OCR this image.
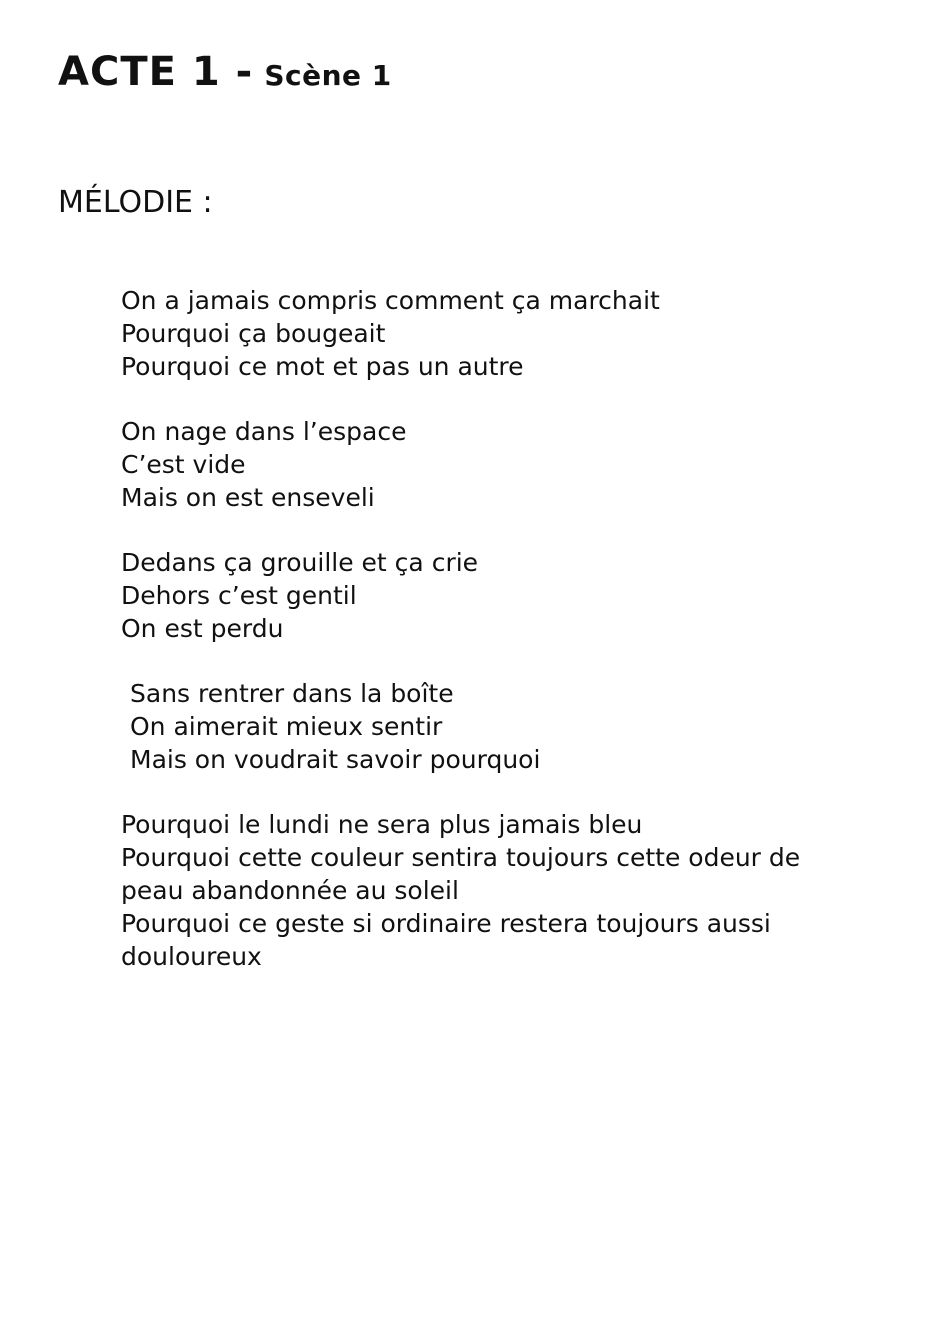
ACTE 1 - Scène 1
MÉLODIE :

On a jamais compris comment ça marchait
Pourquoi ça bougeait
Pourquoi ce mot et pas un autre

On nage dans l’espace
C’est vide
Mais on est enseveli

Dedans ça grouille et ça crie
Dehors c’est gentil
On est perdu

Sans rentrer dans la boîte
On aimerait mieux sentir
Mais on voudrait savoir pourquoi

Pourquoi le lundi ne sera plus jamais bleu
Pourquoi cette couleur sentira toujours cette odeur de peau abandonnée au soleil
Pourquoi ce geste si ordinaire restera toujours aussi douloureux
